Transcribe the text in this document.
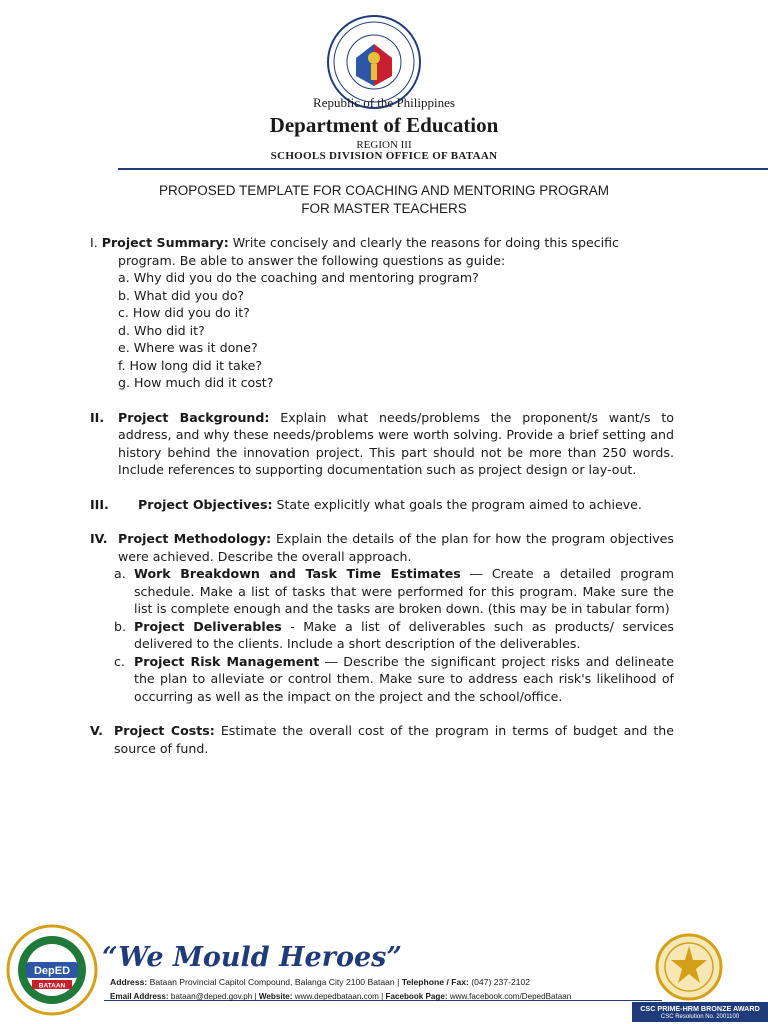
Republic of the Philippines
Department of Education
REGION III
SCHOOLS DIVISION OFFICE OF BATAAN
PROPOSED TEMPLATE FOR COACHING AND MENTORING PROGRAM
FOR MASTER TEACHERS
I. Project Summary: Write concisely and clearly the reasons for doing this specific
program. Be able to answer the following questions as guide:
a. Why did you do the coaching and mentoring program?
b. What did you do?
c. How did you do it?
d. Who did it?
e. Where was it done?
f. How long did it take?
g. How much did it cost?
II.	Project Background: Explain what needs/problems the proponent/s want/s to address, and why these needs/problems were worth solving. Provide a brief setting and history behind the innovation project. This part should not be more than 250 words. Include references to supporting documentation such as project design or lay-out.
III.	Project Objectives: State explicitly what goals the program aimed to achieve.
IV. Project Methodology: Explain the details of the plan for how the program objectives were achieved. Describe the overall approach.
a. Work Breakdown and Task Time Estimates ― Create a detailed program schedule. Make a list of tasks that were performed for this program. Make sure the list is complete enough and the tasks are broken down. (this may be in tabular form)
b. Project Deliverables - Make a list of deliverables such as products/ services delivered to the clients. Include a short description of the deliverables.
c. Project Risk Management ― Describe the significant project risks and delineate the plan to alleviate or control them. Make sure to address each risk's likelihood of occurring as well as the impact on the project and the school/office.
V. Project Costs: Estimate the overall cost of the program in terms of budget and the source of fund.
DepED
BATAAN
“We Mould Heroes”
Address: Bataan Provincial Capitol Compound, Balanga City 2100 Bataan | Telephone / Fax: (047) 237-2102
Email Address: bataan@deped.gov.ph | Website: www.depedbataan.com | Facebook Page: www.facebook.com/DepedBataan
CSC PRIME-HRM BRONZE AWARD
CSC Resolution No. 2001100
